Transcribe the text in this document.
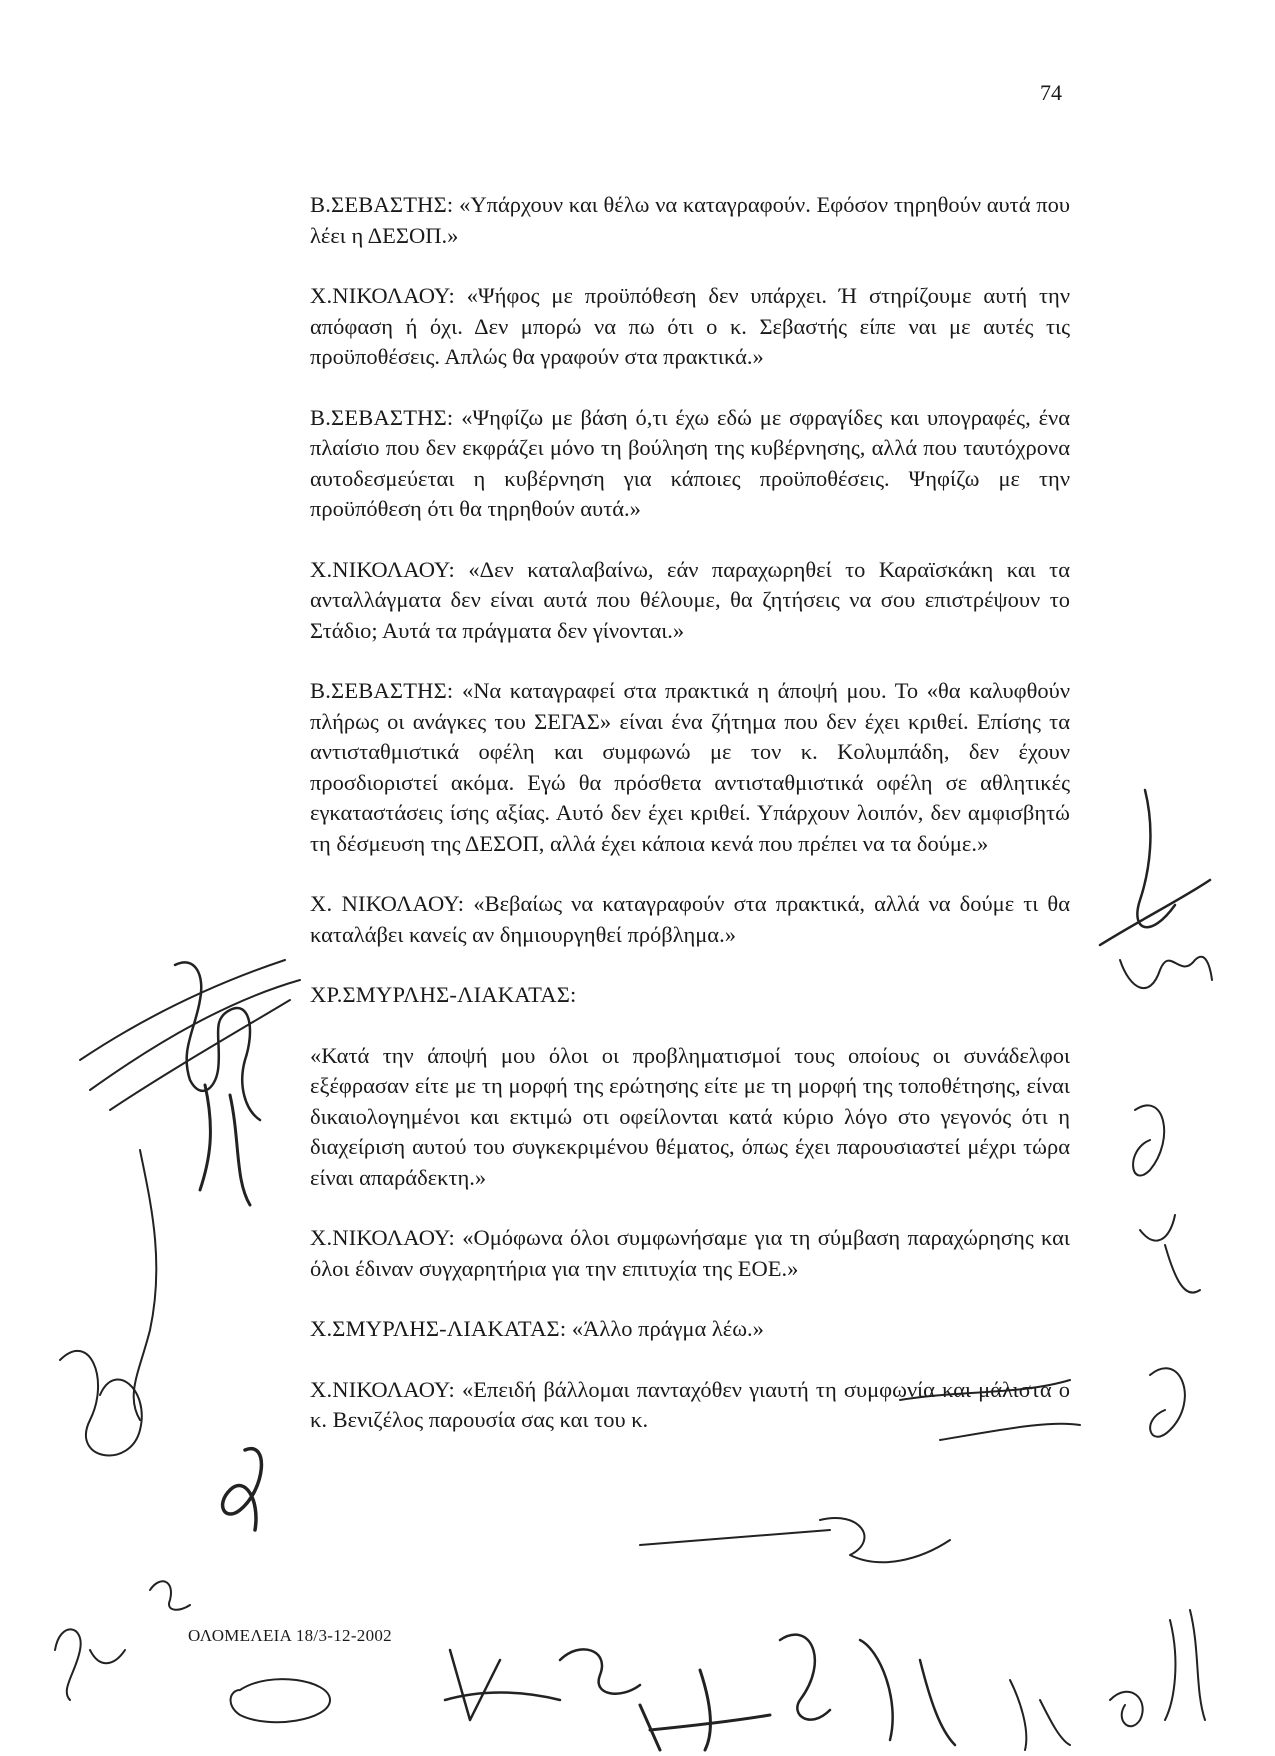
74

Β.ΣΕΒΑΣΤΗΣ: «Υπάρχουν και θέλω να καταγραφούν. Εφόσον τηρηθούν αυτά που λέει η ΔΕΣΟΠ.»

Χ.ΝΙΚΟΛΑΟΥ: «Ψήφος με προϋπόθεση δεν υπάρχει. Ή στηρίζουμε αυτή την απόφαση ή όχι. Δεν μπορώ να πω ότι ο κ. Σεβαστής είπε ναι με αυτές τις προϋποθέσεις. Απλώς θα γραφούν στα πρακτικά.»

Β.ΣΕΒΑΣΤΗΣ: «Ψηφίζω με βάση ό,τι έχω εδώ με σφραγίδες και υπογραφές, ένα πλαίσιο που δεν εκφράζει μόνο τη βούληση της κυβέρνησης, αλλά που ταυτόχρονα αυτοδεσμεύεται η κυβέρνηση για κάποιες προϋποθέσεις. Ψηφίζω με την προϋπόθεση ότι θα τηρηθούν αυτά.»

Χ.ΝΙΚΟΛΑΟΥ: «Δεν καταλαβαίνω, εάν παραχωρηθεί το Καραϊσκάκη και τα ανταλλάγματα δεν είναι αυτά που θέλουμε, θα ζητήσεις να σου επιστρέψουν το Στάδιο; Αυτά τα πράγματα δεν γίνονται.»

Β.ΣΕΒΑΣΤΗΣ: «Να καταγραφεί στα πρακτικά η άποψή μου. Το «θα καλυφθούν πλήρως οι ανάγκες του ΣΕΓΑΣ» είναι ένα ζήτημα που δεν έχει κριθεί. Επίσης τα αντισταθμιστικά οφέλη και συμφωνώ με τον κ. Κολυμπάδη, δεν έχουν προσδιοριστεί ακόμα. Εγώ θα πρόσθετα αντισταθμιστικά οφέλη σε αθλητικές εγκαταστάσεις ίσης αξίας. Αυτό δεν έχει κριθεί. Υπάρχουν λοιπόν, δεν αμφισβητώ τη δέσμευση της ΔΕΣΟΠ, αλλά έχει κάποια κενά που πρέπει να τα δούμε.»

Χ. ΝΙΚΟΛΑΟΥ: «Βεβαίως να καταγραφούν στα πρακτικά, αλλά να δούμε τι θα καταλάβει κανείς αν δημιουργηθεί πρόβλημα.»

ΧΡ.ΣΜΥΡΛΗΣ-ΛΙΑΚΑΤΑΣ:

«Κατά την άποψή μου όλοι οι προβληματισμοί τους οποίους οι συνάδελφοι εξέφρασαν είτε με τη μορφή της ερώτησης είτε με τη μορφή της τοποθέτησης, είναι δικαιολογημένοι και εκτιμώ οτι οφείλονται κατά κύριο λόγο στο γεγονός ότι η διαχείριση αυτού του συγκεκριμένου θέματος, όπως έχει παρουσιαστεί μέχρι τώρα είναι απαράδεκτη.»

Χ.ΝΙΚΟΛΑΟΥ: «Ομόφωνα όλοι συμφωνήσαμε για τη σύμβαση παραχώρησης και όλοι έδιναν συγχαρητήρια για την επιτυχία της ΕΟΕ.»

Χ.ΣΜΥΡΛΗΣ-ΛΙΑΚΑΤΑΣ: «Άλλο πράγμα λέω.»

Χ.ΝΙΚΟΛΑΟΥ: «Επειδή βάλλομαι πανταχόθεν γιαυτή τη συμφωνία και μάλιστα ο κ. Βενιζέλος παρουσία σας και του κ.

ΟΛΟΜΕΛΕΙΑ 18/3-12-2002
